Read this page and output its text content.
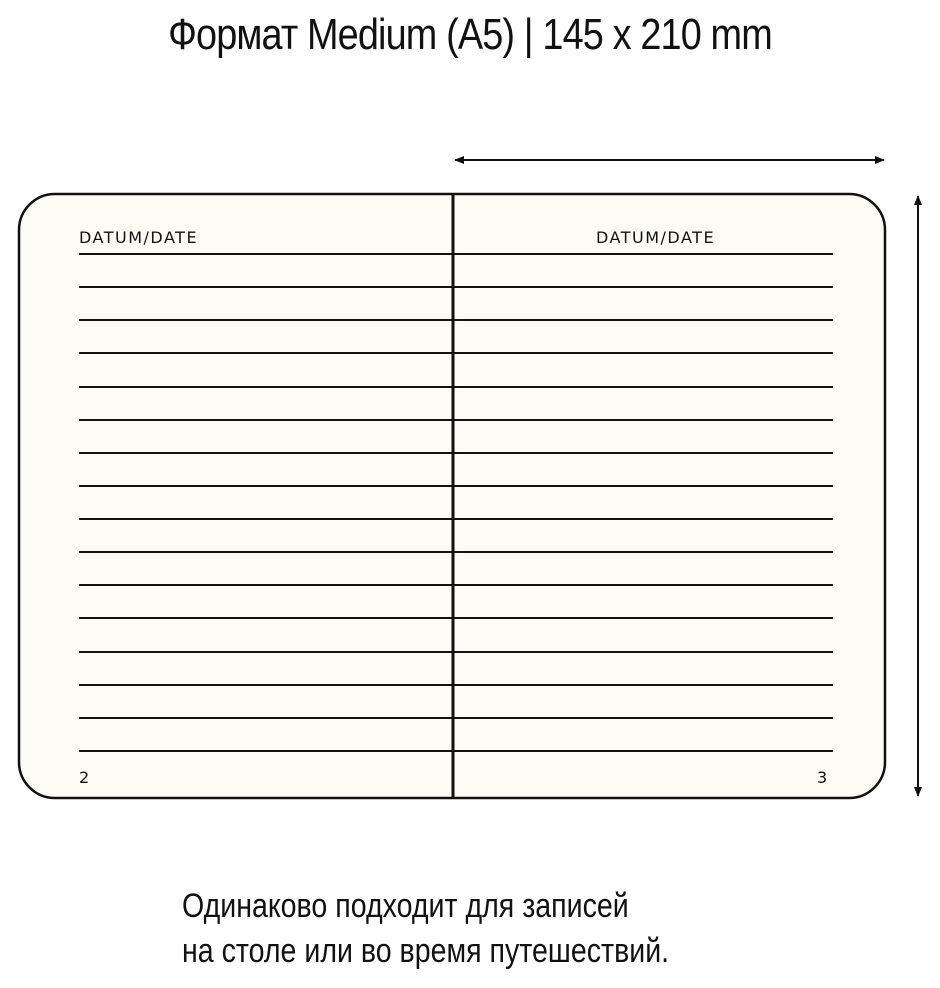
Формат Medium (A5) | 145 x 210 mm
DATUM/DATE	DATUM/DATE
2	3
Одинаково подходит для записей
на столе или во время путешествий.
